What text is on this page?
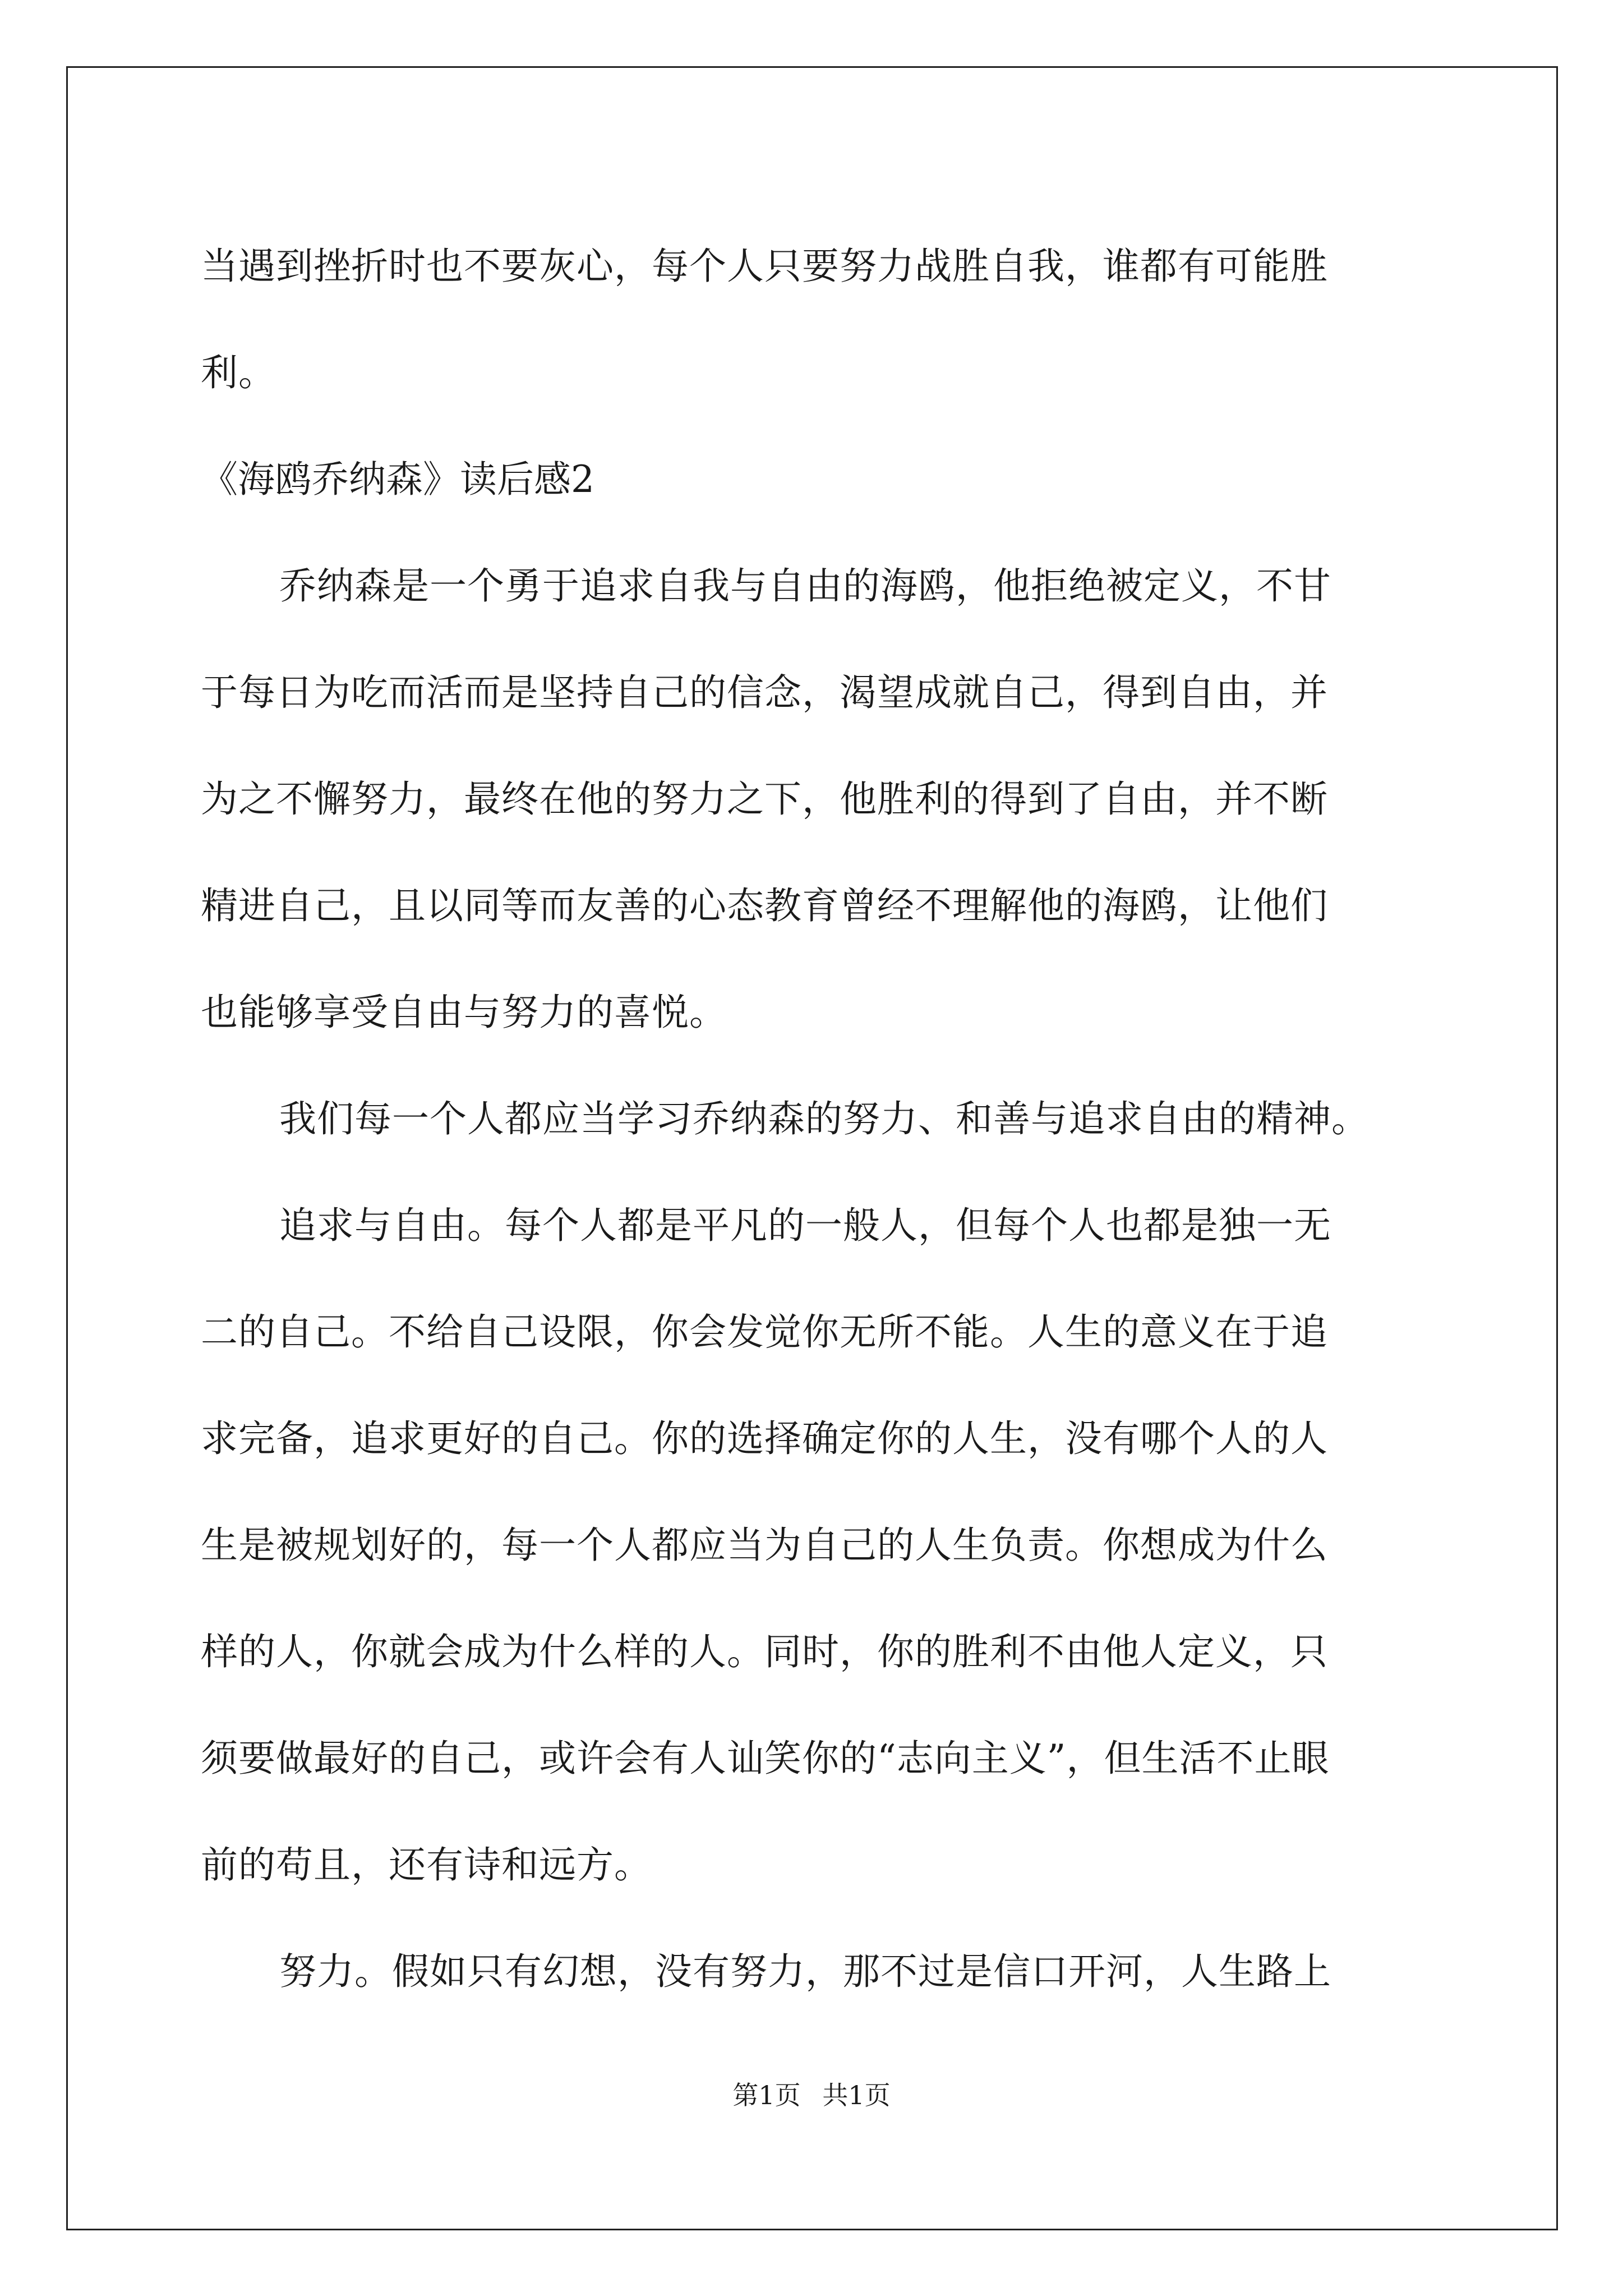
当遇到挫折时也不要灰心，每个人只要努力战胜自我，谁都有可能胜
利。
《海鸥乔纳森》读后感2
乔纳森是一个勇于追求自我与自由的海鸥，他拒绝被定义，不甘
于每日为吃而活而是坚持自己的信念，渴望成就自己，得到自由，并
为之不懈努力，最终在他的努力之下，他胜利的得到了自由，并不断
精进自己，且以同等而友善的心态教育曾经不理解他的海鸥，让他们
也能够享受自由与努力的喜悦。
我们每一个人都应当学习乔纳森的努力、和善与追求自由的精神。
追求与自由。每个人都是平凡的一般人，但每个人也都是独一无
二的自己。不给自己设限，你会发觉你无所不能。人生的意义在于追
求完备，追求更好的自己。你的选择确定你的人生，没有哪个人的人
生是被规划好的，每一个人都应当为自己的人生负责。你想成为什么
样的人，你就会成为什么样的人。同时，你的胜利不由他人定义，只
须要做最好的自己，或许会有人讪笑你的“志向主义”，但生活不止眼
前的苟且，还有诗和远方。
努力。假如只有幻想，没有努力，那不过是信口开河，人生路上
第1页 共1页
